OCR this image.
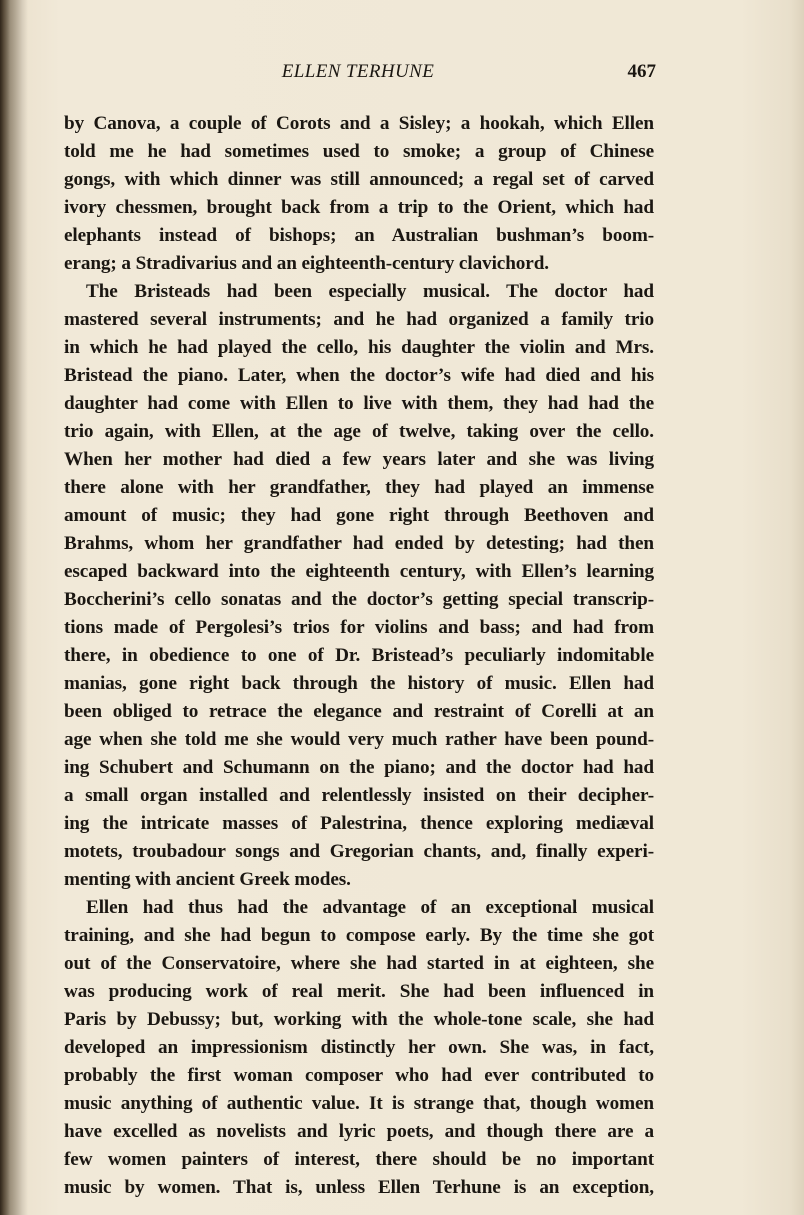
ELLEN TERHUNE	467
by Canova, a couple of Corots and a Sisley; a hookah, which Ellen
told me he had sometimes used to smoke; a group of Chinese
gongs, with which dinner was still announced; a regal set of carved
ivory chessmen, brought back from a trip to the Orient, which had
elephants instead of bishops; an Australian bushman’s boom-
erang; a Stradivarius and an eighteenth-century clavichord.
The Bristeads had been especially musical. The doctor had
mastered several instruments; and he had organized a family trio
in which he had played the cello, his daughter the violin and Mrs.
Bristead the piano. Later, when the doctor’s wife had died and his
daughter had come with Ellen to live with them, they had had the
trio again, with Ellen, at the age of twelve, taking over the cello.
When her mother had died a few years later and she was living
there alone with her grandfather, they had played an immense
amount of music; they had gone right through Beethoven and
Brahms, whom her grandfather had ended by detesting; had then
escaped backward into the eighteenth century, with Ellen’s learning
Boccherini’s cello sonatas and the doctor’s getting special transcrip-
tions made of Pergolesi’s trios for violins and bass; and had from
there, in obedience to one of Dr. Bristead’s peculiarly indomitable
manias, gone right back through the history of music. Ellen had
been obliged to retrace the elegance and restraint of Corelli at an
age when she told me she would very much rather have been pound-
ing Schubert and Schumann on the piano; and the doctor had had
a small organ installed and relentlessly insisted on their decipher-
ing the intricate masses of Palestrina, thence exploring mediæval
motets, troubadour songs and Gregorian chants, and, finally experi-
menting with ancient Greek modes.
Ellen had thus had the advantage of an exceptional musical
training, and she had begun to compose early. By the time she got
out of the Conservatoire, where she had started in at eighteen, she
was producing work of real merit. She had been influenced in
Paris by Debussy; but, working with the whole-tone scale, she had
developed an impressionism distinctly her own. She was, in fact,
probably the first woman composer who had ever contributed to
music anything of authentic value. It is strange that, though women
have excelled as novelists and lyric poets, and though there are a
few women painters of interest, there should be no important
music by women. That is, unless Ellen Terhune is an exception,
